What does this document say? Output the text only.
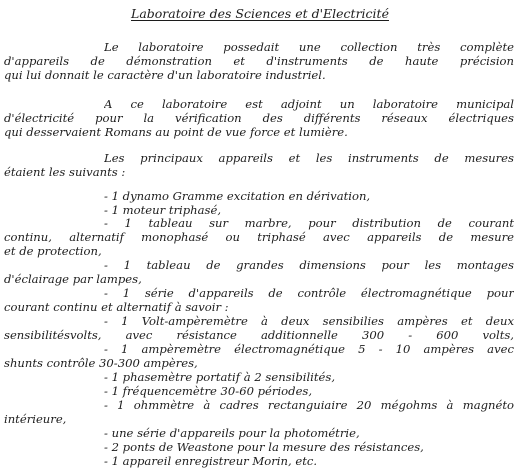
Laboratoire des Sciences et d'Electricité
Le laboratoire possedait une collection très complète
d'appareils de démonstration et d'instruments de haute précision
qui lui donnait le caractère d'un laboratoire industriel.
A ce laboratoire est adjoint un laboratoire municipal
d'électricité pour la vérification des différents réseaux électriques
qui desservaient Romans au point de vue force et lumière.
Les principaux appareils et les instruments de mesures
étaient les suivants :
- 1 dynamo Gramme excitation en dérivation,
- 1 moteur triphasé,
- 1 tableau sur marbre, pour distribution de courant
continu, alternatif monophasé ou triphasé avec appareils de mesure
et de protection,
- 1 tableau de grandes dimensions pour les montages
d'éclairage par lampes,
- 1 série d'appareils de contrôle électromagnétique pour
courant continu et alternatif à savoir :
- 1 Volt-ampèremètre à deux sensibilies ampères et deux
sensibilitésvolts, avec résistance additionnelle 300 - 600 volts,
- 1 ampèremètre électromagnétique 5 - 10 ampères avec
shunts contrôle 30-300 ampères,
- 1 phasemètre portatif à 2 sensibilités,
- 1 fréquencemètre 30-60 périodes,
- 1 ohmmètre à cadres rectanguiaire 20 mégohms à magnéto
intérieure,
- une série d'appareils pour la photométrie,
- 2 ponts de Weastone pour la mesure des résistances,
- 1 appareil enregistreur Morin, etc.
